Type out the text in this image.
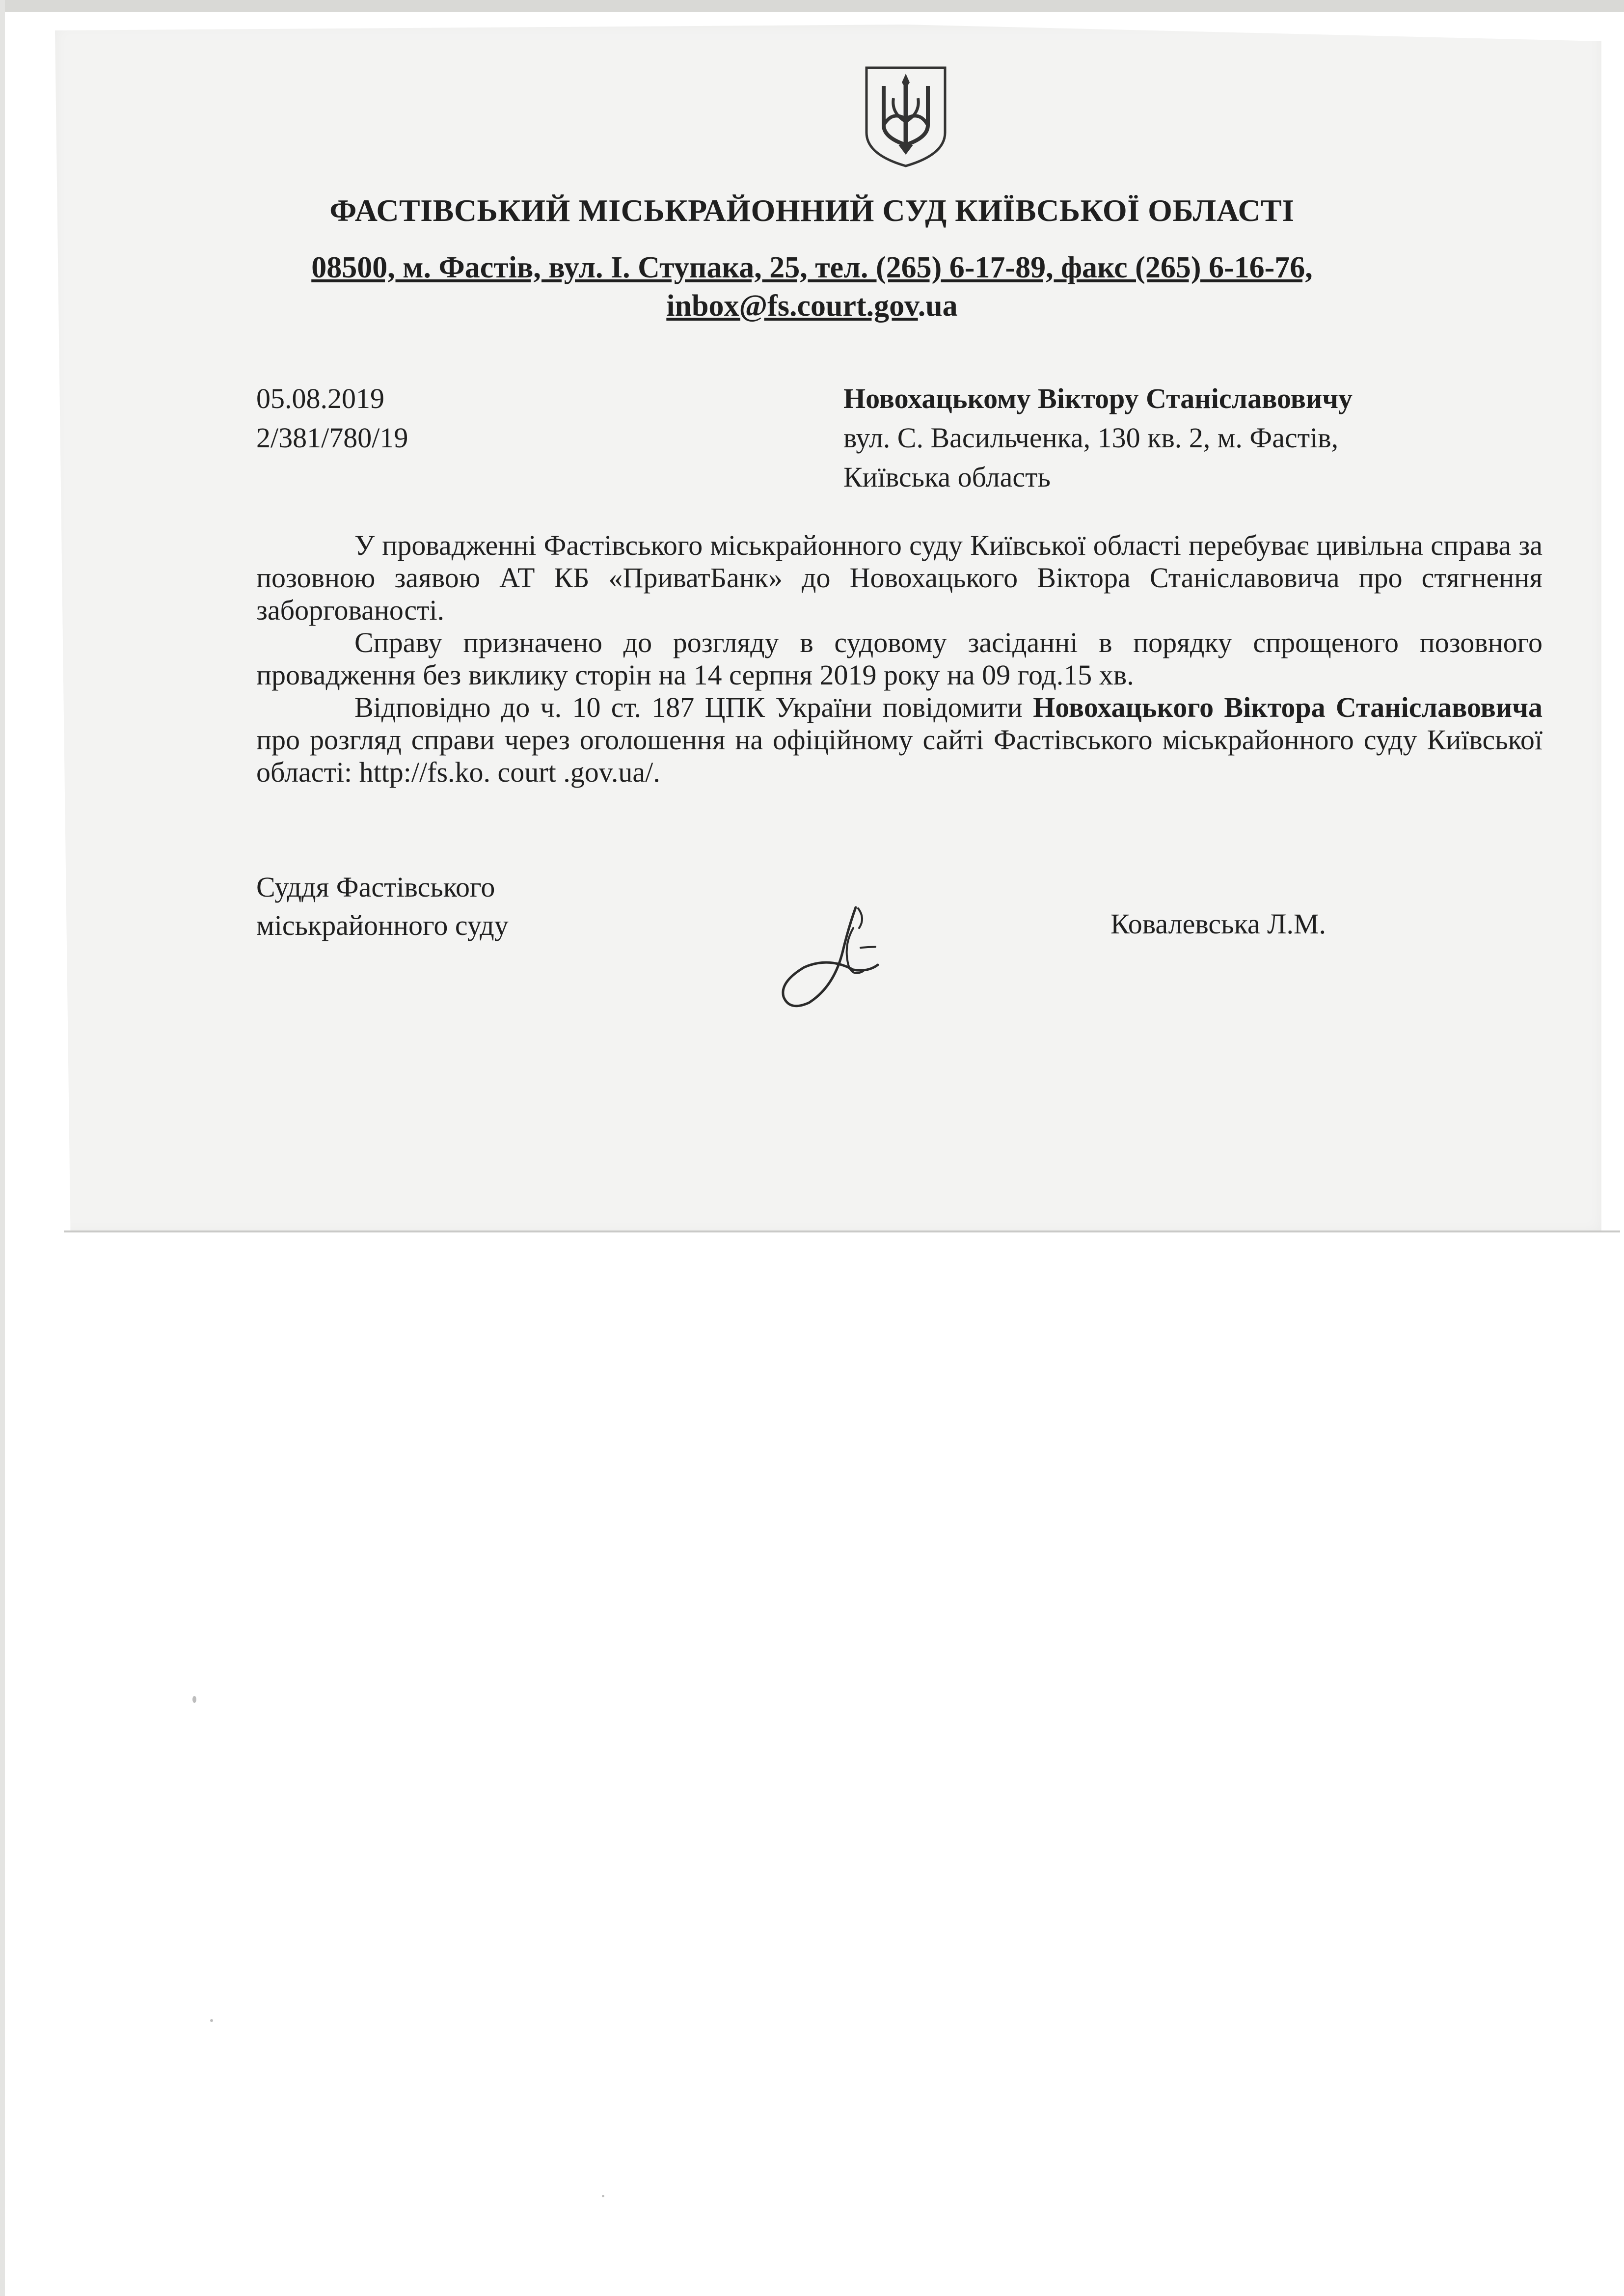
ФАСТІВСЬКИЙ МІСЬКРАЙОННИЙ СУД КИЇВСЬКОЇ ОБЛАСТІ
08500, м. Фастів, вул. І. Ступака, 25, тел. (265) 6-17-89, факс (265) 6-16-76,
inbox@fs.court.gov.ua
05.08.2019
2/381/780/19
Новохацькому Віктору Станіславовичу
вул. С. Васильченка, 130 кв. 2, м. Фастів,
Київська область

У провадженні Фастівського міськрайонного суду Київської області перебуває цивільна справа за позовною заявою АТ КБ «ПриватБанк» до Новохацького Віктора Станіславовича про стягнення заборгованості.

Справу призначено до розгляду в судовому засіданні в порядку спрощеного позовного провадження без виклику сторін на 14 серпня 2019 року на 09 год.15 хв.

Відповідно до ч. 10 ст. 187 ЦПК України повідомити Новохацького Віктора Станіславовича про розгляд справи через оголошення на офіційному сайті Фастівського міськрайонного суду Київської області: http://fs.ko. court .gov.ua/.

Суддя Фастівського
міськрайонного суду	Ковалевська Л.М.
